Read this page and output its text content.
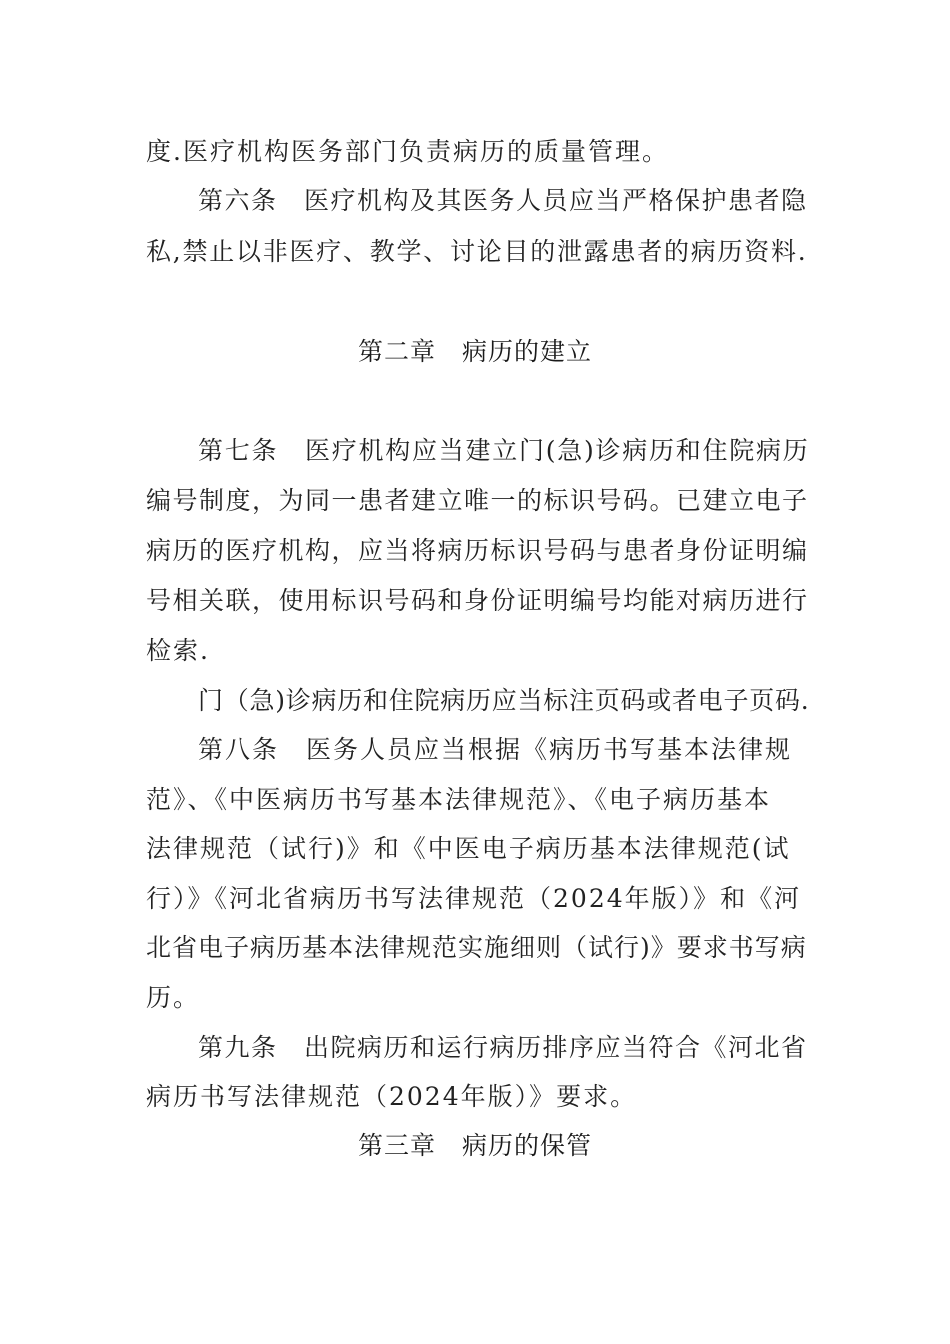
度.医疗机构医务部门负责病历的质量管理。
第六条　医疗机构及其医务人员应当严格保护患者隐
私,禁止以非医疗、教学、讨论目的泄露患者的病历资料.
第二章　病历的建立
第七条　医疗机构应当建立门(急)诊病历和住院病历
编号制度，为同一患者建立唯一的标识号码。已建立电子
病历的医疗机构，应当将病历标识号码与患者身份证明编
号相关联，使用标识号码和身份证明编号均能对病历进行
检索.
门（急)诊病历和住院病历应当标注页码或者电子页码.
第八条　医务人员应当根据《病历书写基本法律规
范》、《中医病历书写基本法律规范》、《电子病历基本
法律规范（试行)》和《中医电子病历基本法律规范(试
行）》《河北省病历书写法律规范（2024年版）》和《河
北省电子病历基本法律规范实施细则（试行)》要求书写病
历。
第九条　出院病历和运行病历排序应当符合《河北省
病历书写法律规范（2024年版）》要求。
第三章　病历的保管
